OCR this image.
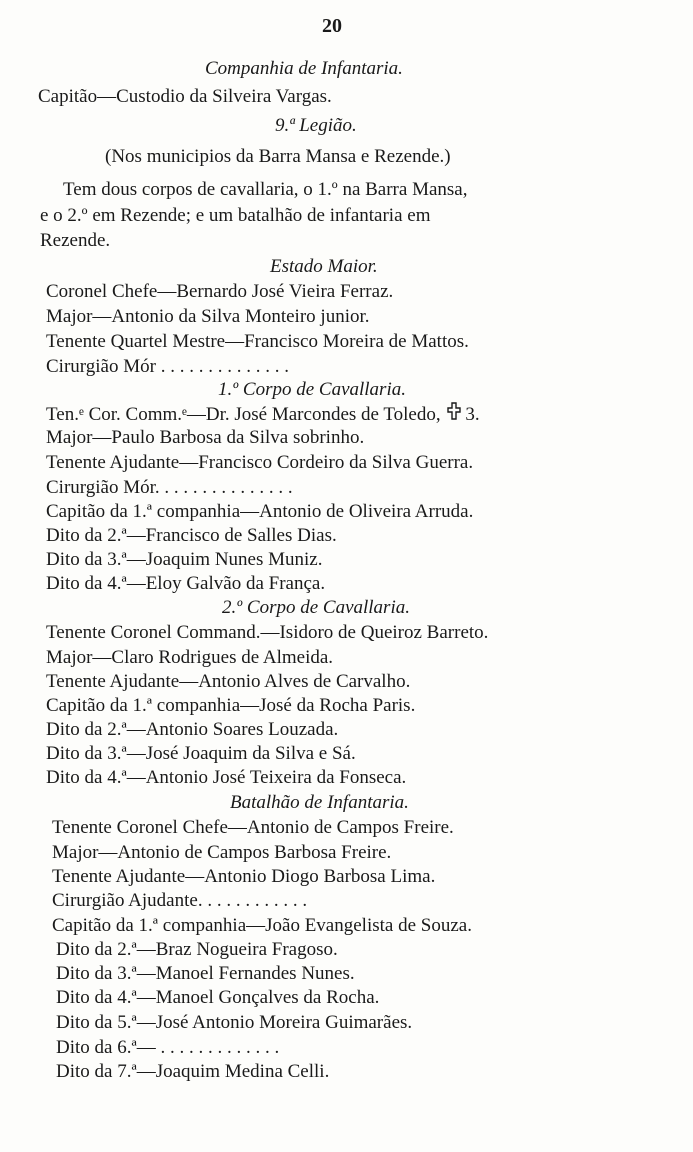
20
Companhia de Infantaria.
Capitão—Custodio da Silveira Vargas.
9.ª Legião.
(Nos municipios da Barra Mansa e Rezende.)
Tem dous corpos de cavallaria, o 1.º na Barra Mansa,
e o 2.º em Rezende; e um batalhão de infantaria em
Rezende.
Estado Maior.
Coronel Chefe—Bernardo José Vieira Ferraz.
Major—Antonio da Silva Monteiro junior.
Tenente Quartel Mestre—Francisco Moreira de Mattos.
Cirurgião Mór . . . . . . . . . . . . . .
1.º Corpo de Cavallaria.
Ten.ᵉ Cor. Comm.ᵉ—Dr. José Marcondes de Toledo, 3.
Major—Paulo Barbosa da Silva sobrinho.
Tenente Ajudante—Francisco Cordeiro da Silva Guerra.
Cirurgião Mór. . . . . . . . . . . . . . .
Capitão da 1.ª companhia—Antonio de Oliveira Arruda.
Dito da 2.ª—Francisco de Salles Dias.
Dito da 3.ª—Joaquim Nunes Muniz.
Dito da 4.ª—Eloy Galvão da França.
2.º Corpo de Cavallaria.
Tenente Coronel Command.—Isidoro de Queiroz Barreto.
Major—Claro Rodrigues de Almeida.
Tenente Ajudante—Antonio Alves de Carvalho.
Capitão da 1.ª companhia—José da Rocha Paris.
Dito da 2.ª—Antonio Soares Louzada.
Dito da 3.ª—José Joaquim da Silva e Sá.
Dito da 4.ª—Antonio José Teixeira da Fonseca.
Batalhão de Infantaria.
Tenente Coronel Chefe—Antonio de Campos Freire.
Major—Antonio de Campos Barbosa Freire.
Tenente Ajudante—Antonio Diogo Barbosa Lima.
Cirurgião Ajudante. . . . . . . . . . . .
Capitão da 1.ª companhia—João Evangelista de Souza.
Dito da 2.ª—Braz Nogueira Fragoso.
Dito da 3.ª—Manoel Fernandes Nunes.
Dito da 4.ª—Manoel Gonçalves da Rocha.
Dito da 5.ª—José Antonio Moreira Guimarães.
Dito da 6.ª— . . . . . . . . . . . . .
Dito da 7.ª—Joaquim Medina Celli.
